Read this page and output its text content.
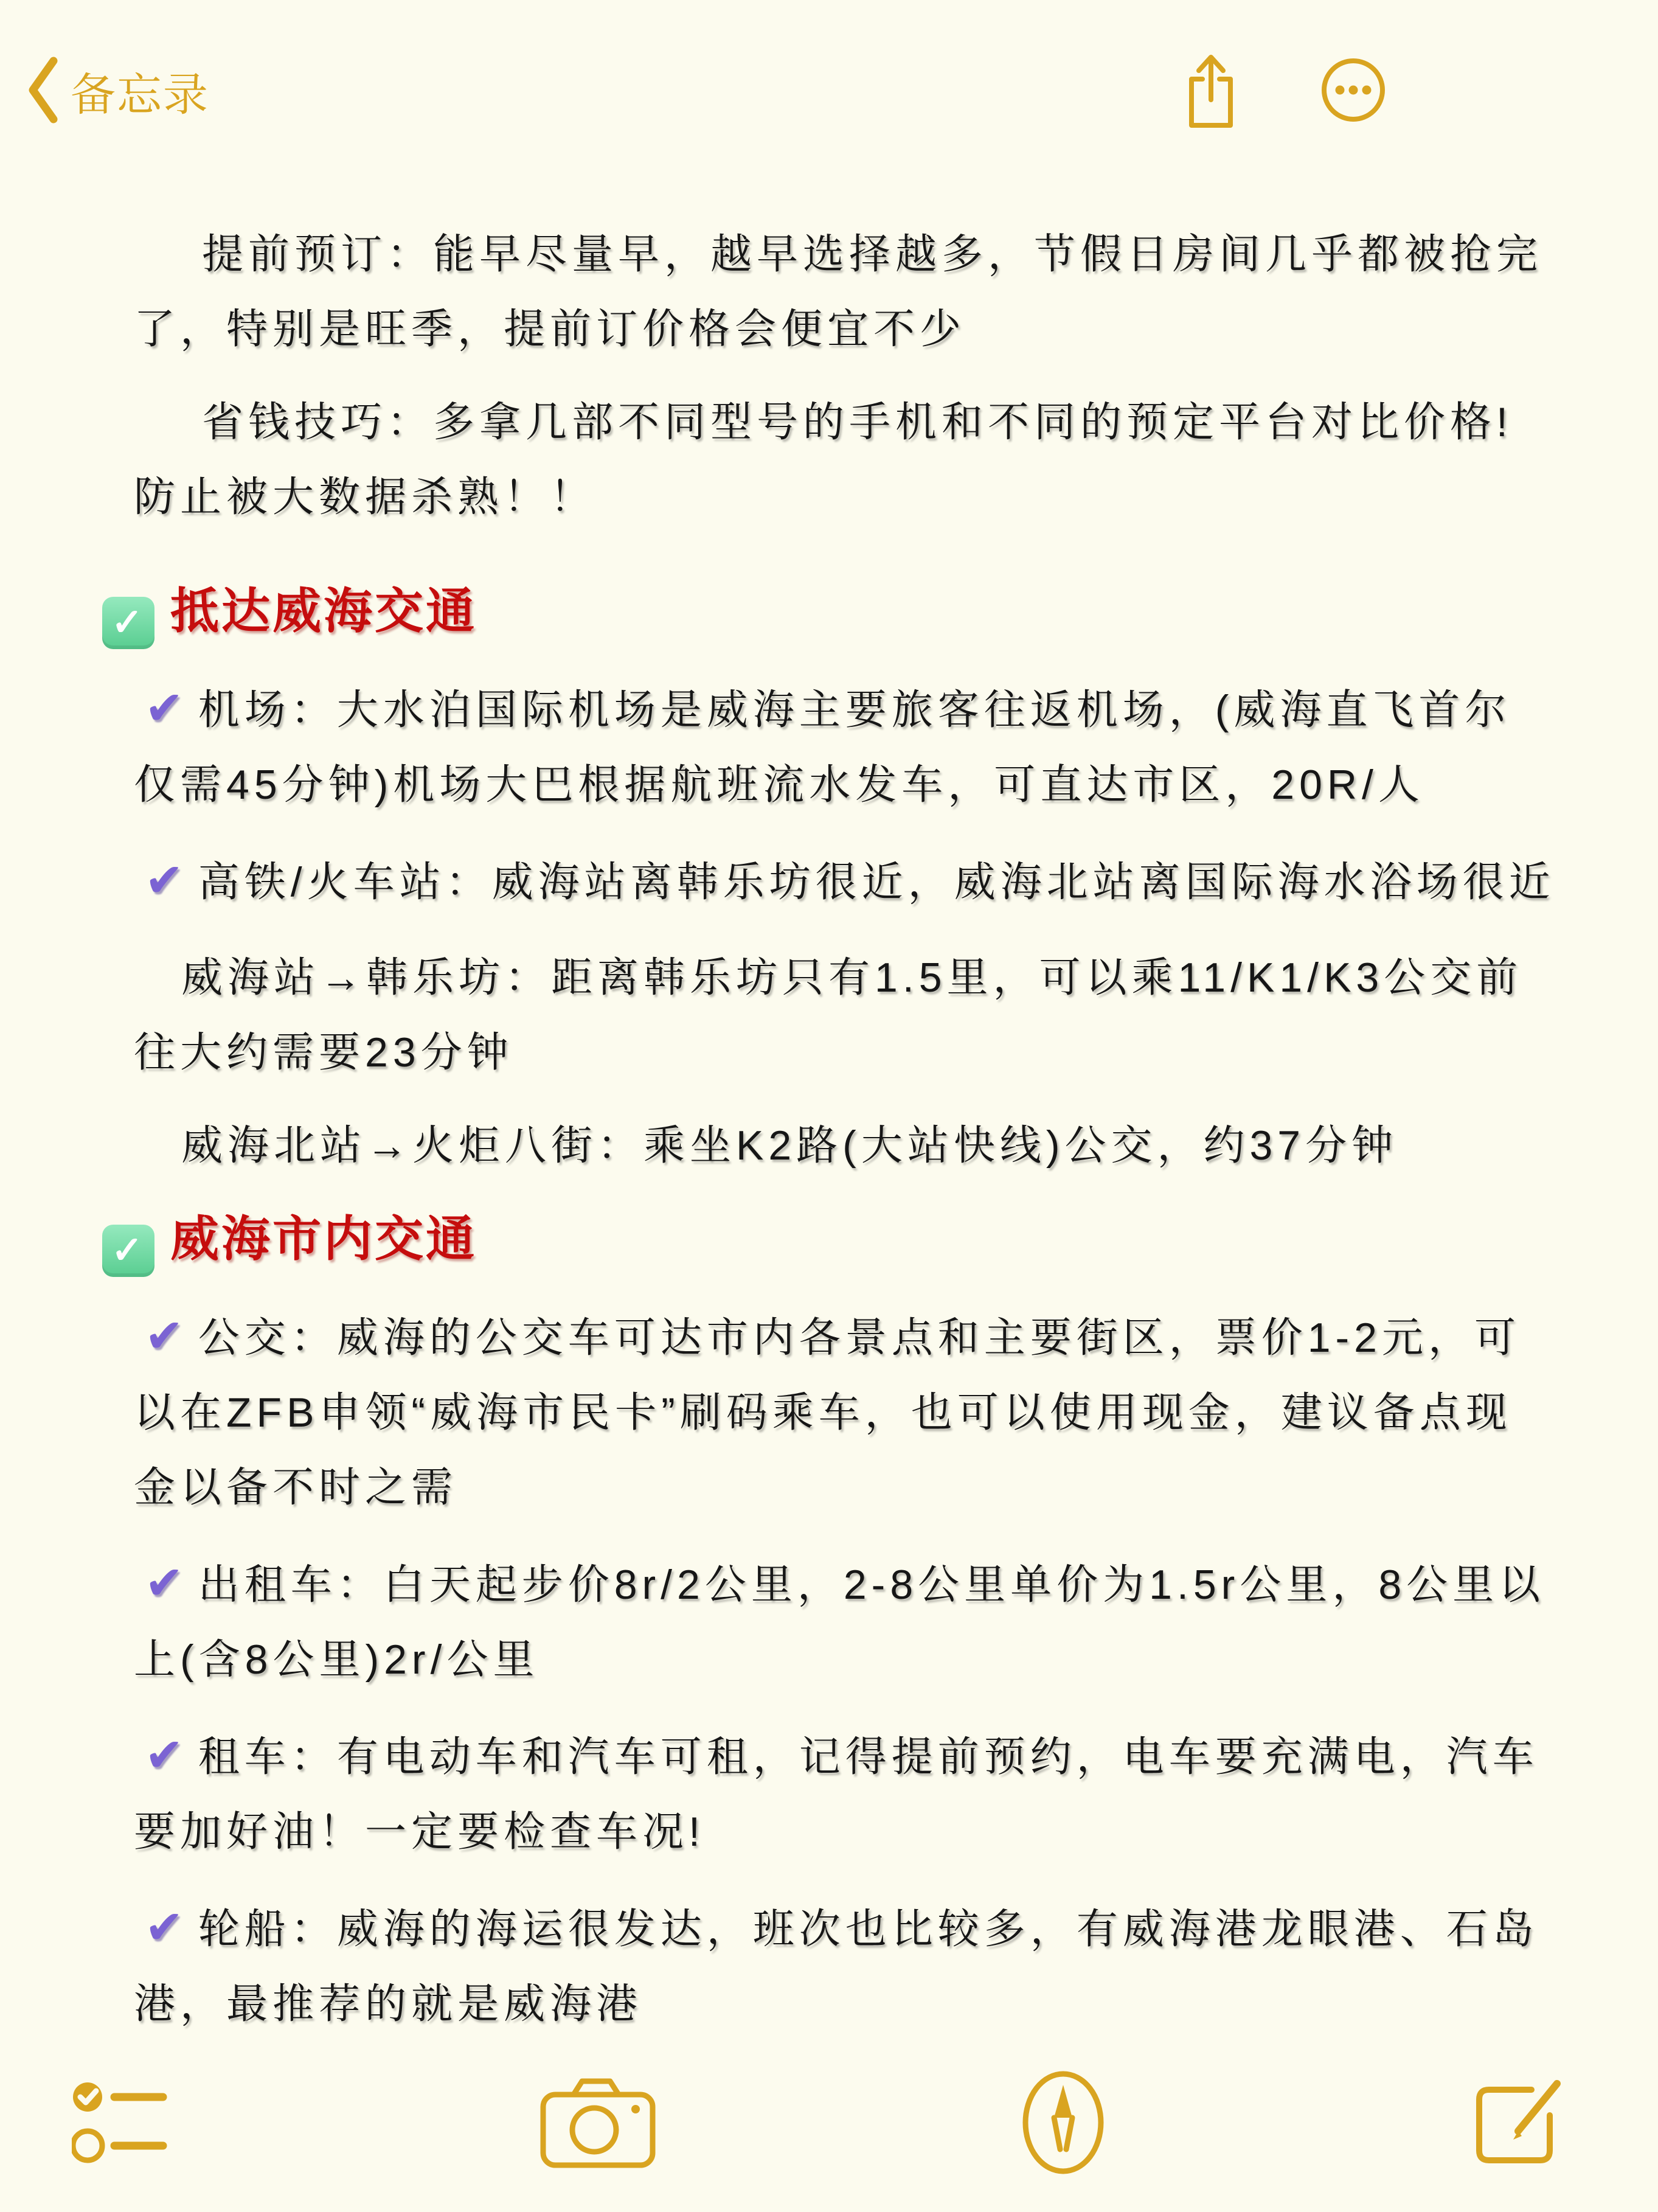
备忘录
提前预订：能早尽量早，越早选择越多，节假日房间几乎都被抢完了，特别是旺季，提前订价格会便宜不少
省钱技巧：多拿几部不同型号的手机和不同的预定平台对比价格!防止被大数据杀熟！！
✓ 抵达威海交通
✔ 机场：大水泊国际机场是威海主要旅客往返机场，(威海直飞首尔仅需45分钟)机场大巴根据航班流水发车，可直达市区，20R/人
✔ 高铁/火车站：威海站离韩乐坊很近，威海北站离国际海水浴场很近
威海站→韩乐坊：距离韩乐坊只有1.5里，可以乘11/K1/K3公交前往大约需要23分钟
威海北站→火炬八街：乘坐K2路(大站快线)公交，约37分钟
✓ 威海市内交通
✔ 公交：威海的公交车可达市内各景点和主要街区，票价1-2元，可以在ZFB申领“威海市民卡”刷码乘车，也可以使用现金，建议备点现金以备不时之需
✔ 出租车：白天起步价8r/2公里，2-8公里单价为1.5r公里，8公里以上(含8公里)2r/公里
✔ 租车：有电动车和汽车可租，记得提前预约，电车要充满电，汽车要加好油！一定要检查车况!
✔ 轮船：威海的海运很发达，班次也比较多，有威海港龙眼港、石岛港，最推荐的就是威海港
